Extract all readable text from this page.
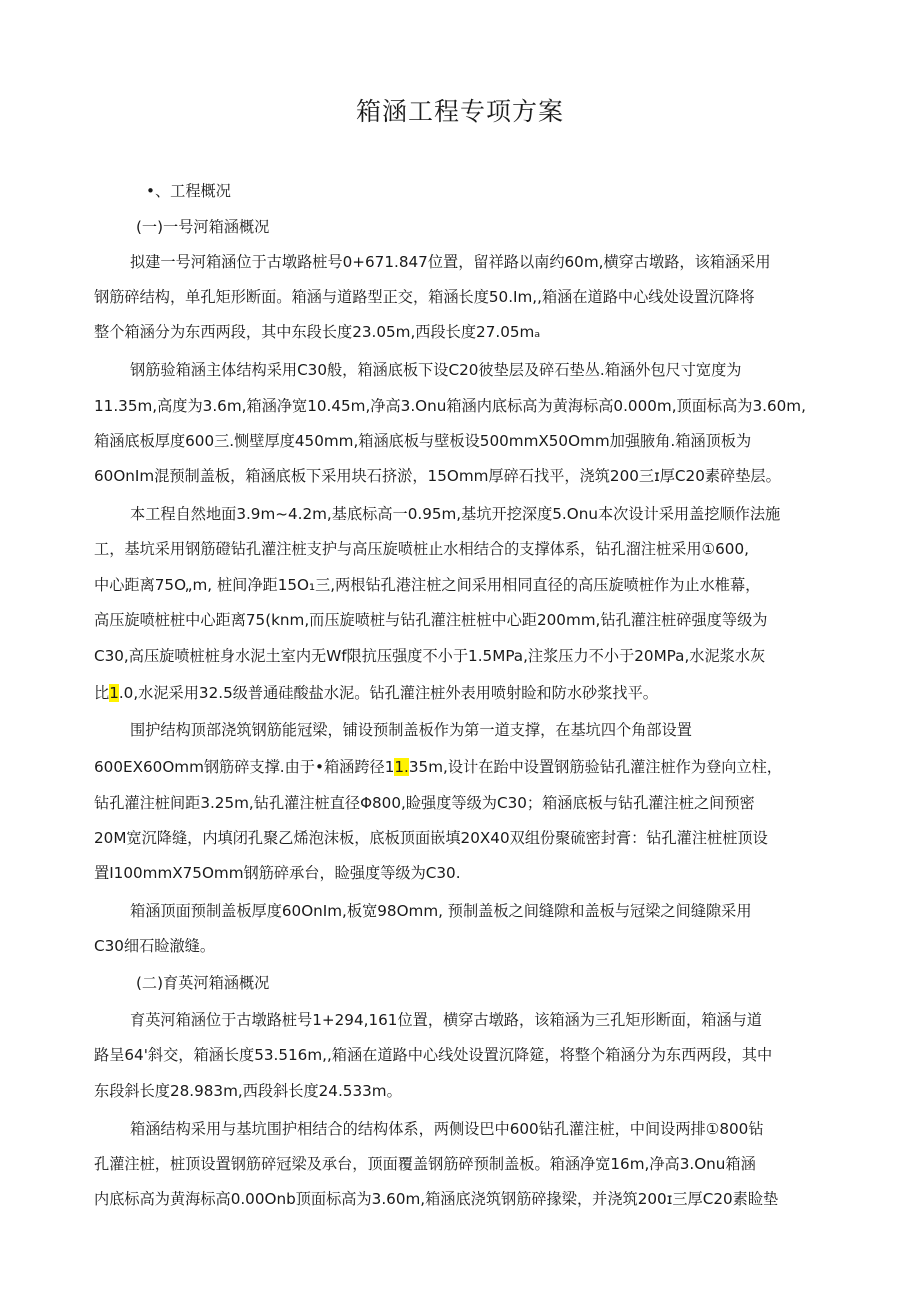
箱涵工程专项方案
•、工程概况
(一)一号河箱涵概况
拟建一号河箱涵位于古墩路桩号0+671.847位置，留祥路以南约60m,横穿古墩路，该箱涵采用
钢筋碎结构，单孔矩形断面。箱涵与道路型正交，箱涵长度50.Im,,箱涵在道路中心线处设置沉降将
整个箱涵分为东西两段，其中东段长度23.05m,西段长度27.05mₐ
钢筋验箱涵主体结构采用C30般，箱涵底板下设C20彼垫层及碎石垫丛.箱涵外包尺寸宽度为
11.35m,高度为3.6m,箱涵净宽10.45m,净高3.Onu箱涵内底标高为黄海标高0.000m,顶面标高为3.60m,
箱涵底板厚度600三.恻壁厚度450mm,箱涵底板与壁板设500mmX50Omm加强腋角.箱涵顶板为
60OnIm混预制盖板，箱涵底板下采用块石挤淤，15Omm厚碎石找平，浇筑200三ɪ厚C20素碎垫层。
本工程自然地面3.9m~4.2m,基底标高一0.95m,基坑开挖深度5.Onu本次设计采用盖挖顺作法施
工，基坑采用钢筋磴钻孔灌注桩支护与高压旋喷桩止水相结合的支撑体系，钻孔溜注桩采用①600,
中心距离75O„m, 桩间净距15O₁三,两根钻孔港注桩之间采用相同直径的高压旋喷桩作为止水椎幕，
高压旋喷桩桩中心距离75(knm,而压旋喷桩与钻孔灌注桩桩中心距200mm,钻孔灌注桩碎强度等级为
C30,高压旋喷桩桩身水泥土室内无Wf限抗压强度不小于1.5MPa,注浆压力不小于20MPa,水泥浆水灰
比1.0,水泥采用32.5级普通硅酸盐水泥。钻孔灌注桩外表用喷射睑和防水砂浆找平。
围护结构顶部浇筑钢筋能冠梁，铺设预制盖板作为第一道支撑，在基坑四个角部设置
600EX60Omm钢筋碎支撑.由于•箱涵跨径11.35m,设计在跆中设置钢筋验钻孔灌注桩作为登向立柱，
钻孔灌注桩间距3.25m,钻孔灌注桩直径Φ800,睑强度等级为C30；箱涵底板与钻孔灌注桩之间预密
20M宽沉降缝，内填闭孔聚乙烯泡沫板，底板顶面嵌填20X40双组份聚硫密封膏：钻孔灌注桩桩顶设
置I100mmX75Omm钢筋碎承台，睑强度等级为C30.
箱涵顶面预制盖板厚度60OnIm,板宽98Omm, 预制盖板之间缝隙和盖板与冠梁之间缝隙采用
C30细石睑澈缝。
(二)育英河箱涵概况
育英河箱涵位于古墩路桩号1+294,161位置，横穿古墩路，该箱涵为三孔矩形断面，箱涵与道
路呈64'斜交，箱涵长度53.516m,,箱涵在道路中心线处设置沉降筵，将整个箱涵分为东西两段，其中
东段斜长度28.983m,西段斜长度24.533m。
箱涵结构采用与基坑围护相结合的结构体系，两侧设巴中600钻孔灌注桩，中间设两排①800钻
孔灌注桩，桩顶设置钢筋碎冠梁及承台，顶面覆盖钢筋碎预制盖板。箱涵净宽16m,净高3.Onu箱涵
内底标高为黄海标高0.00Onb顶面标高为3.60m,箱涵底浇筑钢筋碎掾梁，并浇筑200ɪ三厚C20素睑垫
